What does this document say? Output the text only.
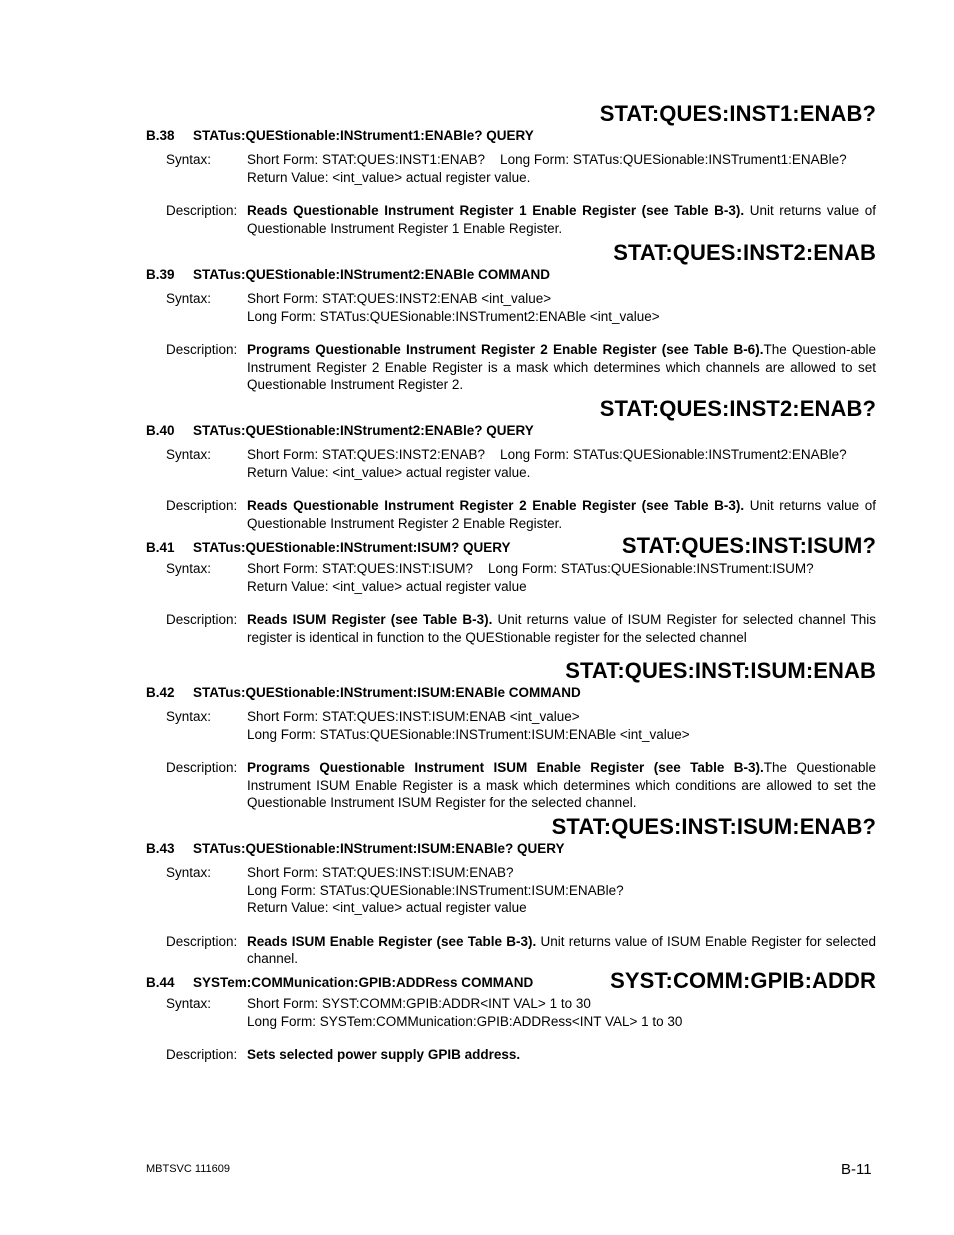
STAT:QUES:INST1:ENAB?
B.38 STATus:QUEStionable:INStrument1:ENABle? QUERY
Syntax:	Short Form: STAT:QUES:INST1:ENAB?    Long Form: STATus:QUESionable:INSTrument1:ENABle?
Return Value: <int_value> actual register value.
Description: Reads Questionable Instrument Register 1 Enable Register (see Table B-3). Unit returns value of Questionable Instrument Register 1 Enable Register.
STAT:QUES:INST2:ENAB
B.39 STATus:QUEStionable:INStrument2:ENABle COMMAND
Syntax:	Short Form: STAT:QUES:INST2:ENAB <int_value>
Long Form: STATus:QUESionable:INSTrument2:ENABle <int_value>
Description: Programs Questionable Instrument Register 2 Enable Register (see Table B-6).The Question-able Instrument Register 2 Enable Register is a mask which determines which channels are allowed to set Questionable Instrument Register 2.
STAT:QUES:INST2:ENAB?
B.40 STATus:QUEStionable:INStrument2:ENABle? QUERY
Syntax:	Short Form: STAT:QUES:INST2:ENAB?    Long Form: STATus:QUESionable:INSTrument2:ENABle?
Return Value: <int_value> actual register value.
Description: Reads Questionable Instrument Register 2 Enable Register (see Table B-3). Unit returns value of Questionable Instrument Register 2 Enable Register.
B.41 STATus:QUEStionable:INStrument:ISUM? QUERY	STAT:QUES:INST:ISUM?
Syntax:	Short Form: STAT:QUES:INST:ISUM?    Long Form: STATus:QUESionable:INSTrument:ISUM?
Return Value: <int_value> actual register value
Description: Reads ISUM Register (see Table B-3). Unit returns value of ISUM Register for selected channel This register is identical in function to the QUEStionable register for the selected channel
STAT:QUES:INST:ISUM:ENAB
B.42 STATus:QUEStionable:INStrument:ISUM:ENABle COMMAND
Syntax:	Short Form: STAT:QUES:INST:ISUM:ENAB <int_value>
Long Form: STATus:QUESionable:INSTrument:ISUM:ENABle <int_value>
Description: Programs Questionable Instrument ISUM Enable Register (see Table B-3).The Questionable Instrument ISUM Enable Register is a mask which determines which conditions are allowed to set the Questionable Instrument ISUM Register for the selected channel.
STAT:QUES:INST:ISUM:ENAB?
B.43 STATus:QUEStionable:INStrument:ISUM:ENABle? QUERY
Syntax:	Short Form: STAT:QUES:INST:ISUM:ENAB?
Long Form: STATus:QUESionable:INSTrument:ISUM:ENABle?
Return Value: <int_value> actual register value
Description: Reads ISUM Enable Register (see Table B-3). Unit returns value of ISUM Enable Register for selected channel.
B.44 SYSTem:COMMunication:GPIB:ADDRess COMMAND	SYST:COMM:GPIB:ADDR
Syntax:	Short Form: SYST:COMM:GPIB:ADDR<INT VAL> 1 to 30
Long Form: SYSTem:COMMunication:GPIB:ADDRess<INT VAL> 1 to 30
Description: Sets selected power supply GPIB address.
MBTSVC 111609	B-11
